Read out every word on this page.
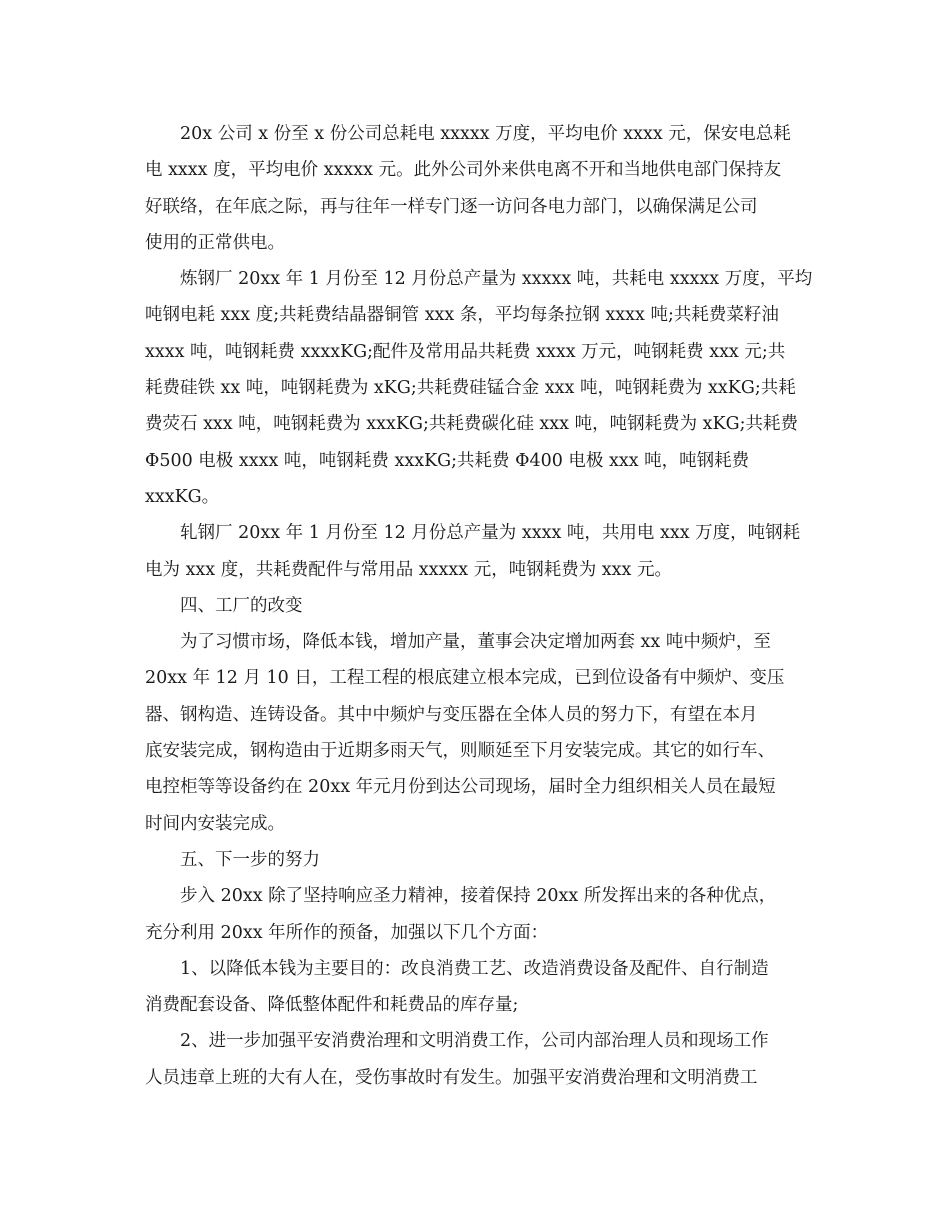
20x 公司 x 份至 x 份公司总耗电 xxxxx 万度，平均电价 xxxx 元，保安电总耗
电 xxxx 度，平均电价 xxxxx 元。此外公司外来供电离不开和当地供电部门保持友
好联络，在年底之际，再与往年一样专门逐一访问各电力部门，以确保满足公司
使用的正常供电。
炼钢厂 20xx 年 1 月份至 12 月份总产量为 xxxxx 吨，共耗电 xxxxx 万度，平均
吨钢电耗 xxx 度;共耗费结晶器铜管 xxx 条，平均每条拉钢 xxxx 吨;共耗费菜籽油
xxxx 吨，吨钢耗费 xxxxKG;配件及常用品共耗费 xxxx 万元，吨钢耗费 xxx 元;共
耗费硅铁 xx 吨，吨钢耗费为 xKG;共耗费硅锰合金 xxx 吨，吨钢耗费为 xxKG;共耗
费荧石 xxx 吨，吨钢耗费为 xxxKG;共耗费碳化硅 xxx 吨，吨钢耗费为 xKG;共耗费
Φ500 电极 xxxx 吨，吨钢耗费 xxxKG;共耗费 Φ400 电极 xxx 吨，吨钢耗费
xxxKG。
轧钢厂 20xx 年 1 月份至 12 月份总产量为 xxxx 吨，共用电 xxx 万度，吨钢耗
电为 xxx 度，共耗费配件与常用品 xxxxx 元，吨钢耗费为 xxx 元。
四、工厂的改变
为了习惯市场，降低本钱，增加产量，董事会决定增加两套 xx 吨中频炉，至
20xx 年 12 月 10 日，工程工程的根底建立根本完成，已到位设备有中频炉、变压
器、钢构造、连铸设备。其中中频炉与变压器在全体人员的努力下，有望在本月
底安装完成，钢构造由于近期多雨天气，则顺延至下月安装完成。其它的如行车、
电控柜等等设备约在 20xx 年元月份到达公司现场，届时全力组织相关人员在最短
时间内安装完成。
五、下一步的努力
步入 20xx 除了坚持响应圣力精神，接着保持 20xx 所发挥出来的各种优点，
充分利用 20xx 年所作的预备，加强以下几个方面：
1、以降低本钱为主要目的：改良消费工艺、改造消费设备及配件、自行制造
消费配套设备、降低整体配件和耗费品的库存量;
2、进一步加强平安消费治理和文明消费工作，公司内部治理人员和现场工作
人员违章上班的大有人在，受伤事故时有发生。加强平安消费治理和文明消费工
